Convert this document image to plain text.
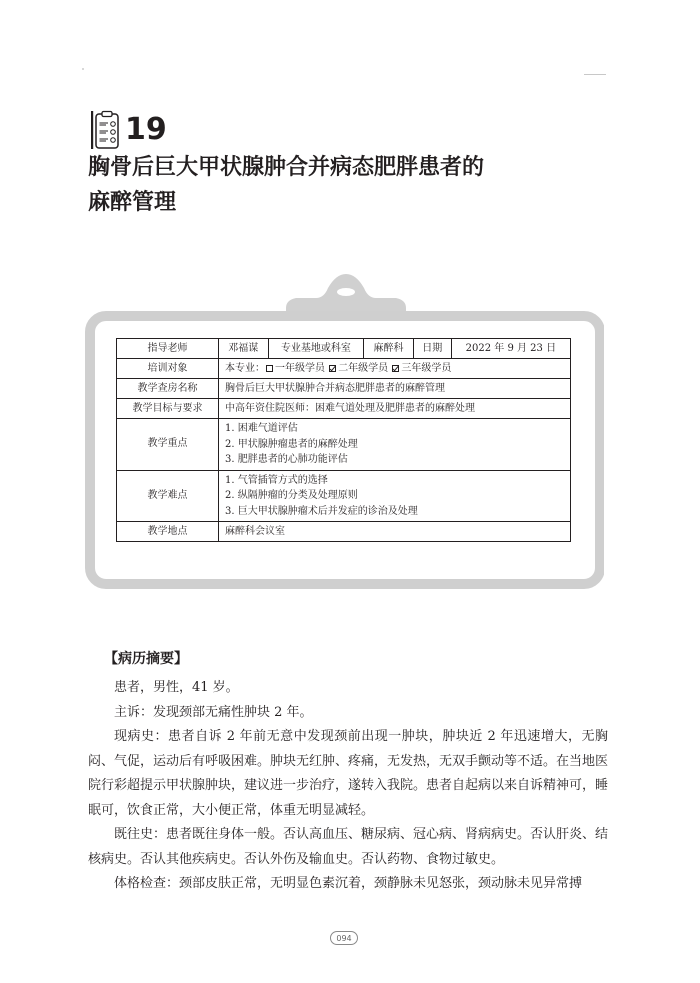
19
胸骨后巨大甲状腺肿合并病态肥胖患者的
麻醉管理
指导老师	邓福谋	专业基地或科室	麻醉科	日期	2022 年 9 月 23 日
培训对象	本专业： 一年级学员 二年级学员 三年级学员				
教学查房名称	胸骨后巨大甲状腺肿合并病态肥胖患者的麻醉管理				
教学目标与要求	中高年资住院医师：困难气道处理及肥胖患者的麻醉处理				
教学重点	1. 困难气道评估
2. 甲状腺肿瘤患者的麻醉处理
3. 肥胖患者的心肺功能评估				

教学难点	1. 气管插管方式的选择
2. 纵隔肿瘤的分类及处理原则
3. 巨大甲状腺肿瘤术后并发症的诊治及处理				

教学地点	麻醉科会议室				
【病历摘要】

患者，男性，41 岁。

主诉：发现颈部无痛性肿块 2 年。

现病史：患者自诉 2 年前无意中发现颈前出现一肿块，肿块近 2 年迅速增大，无胸闷、气促，运动后有呼吸困难。肿块无红肿、疼痛，无发热，无双手颤动等不适。在当地医院行彩超提示甲状腺肿块，建议进一步治疗，遂转入我院。患者自起病以来自诉精神可，睡眠可，饮食正常，大小便正常，体重无明显减轻。

既往史：患者既往身体一般。否认高血压、糖尿病、冠心病、肾病病史。否认肝炎、结核病史。否认其他疾病史。否认外伤及输血史。否认药物、食物过敏史。

体格检查：颈部皮肤正常，无明显色素沉着，颈静脉未见怒张，颈动脉未见异常搏

094
